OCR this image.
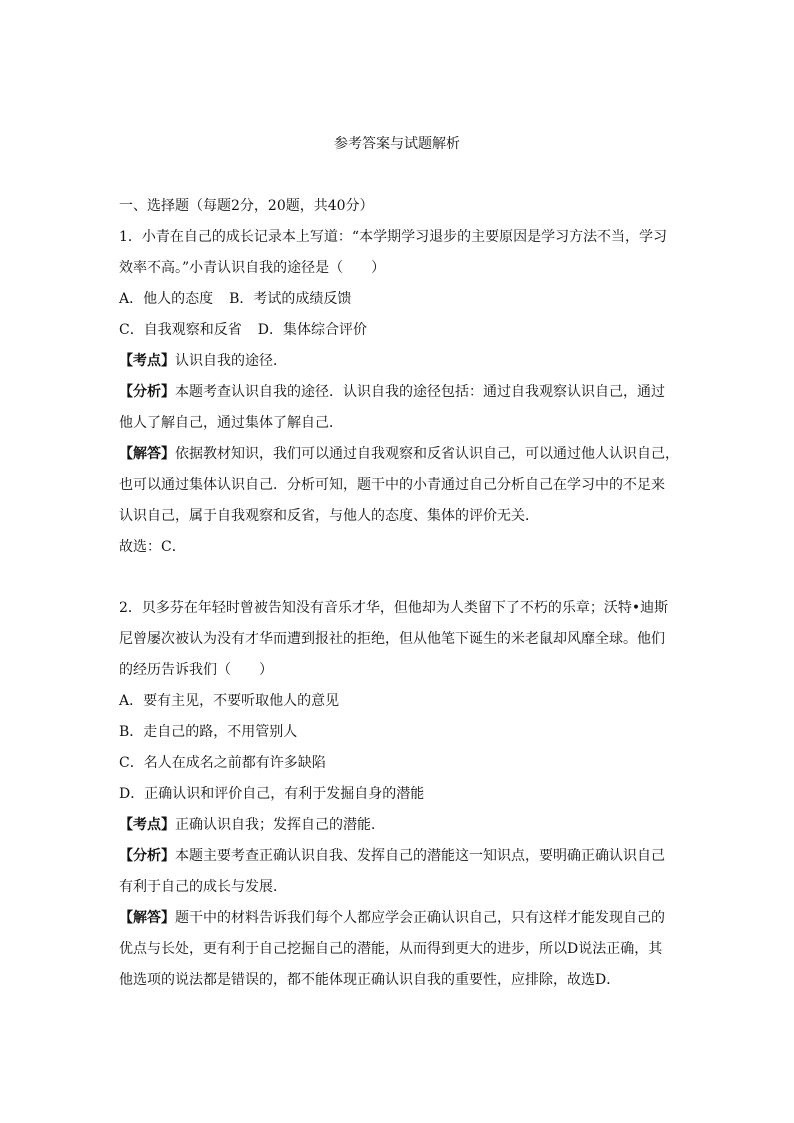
参考答案与试题解析
一、选择题（每题2分，20题，共40分）
1．小青在自己的成长记录本上写道：“本学期学习退步的主要原因是学习方法不当，学习
效率不高。”小青认识自我的途径是（　　）
A．他人的态度 B．考试的成绩反馈
C．自我观察和反省 D．集体综合评价
【考点】认识自我的途径．
【分析】本题考查认识自我的途径．认识自我的途径包括：通过自我观察认识自己，通过
他人了解自己，通过集体了解自己．
【解答】依据教材知识，我们可以通过自我观察和反省认识自己，可以通过他人认识自己，
也可以通过集体认识自己．分析可知，题干中的小青通过自己分析自己在学习中的不足来
认识自己，属于自我观察和反省，与他人的态度、集体的评价无关．
故选：C．
2．贝多芬在年轻时曾被告知没有音乐才华，但他却为人类留下了不朽的乐章；沃特•迪斯
尼曾屡次被认为没有才华而遭到报社的拒绝，但从他笔下诞生的米老鼠却风靡全球。他们
的经历告诉我们（　　）
A．要有主见，不要听取他人的意见
B．走自己的路，不用管别人
C．名人在成名之前都有许多缺陷
D．正确认识和评价自己，有利于发掘自身的潜能
【考点】正确认识自我；发挥自己的潜能．
【分析】本题主要考查正确认识自我、发挥自己的潜能这一知识点，要明确正确认识自己
有利于自己的成长与发展．
【解答】题干中的材料告诉我们每个人都应学会正确认识自己，只有这样才能发现自己的
优点与长处，更有利于自己挖掘自己的潜能，从而得到更大的进步，所以D说法正确，其
他选项的说法都是错误的，都不能体现正确认识自我的重要性，应排除，故选D．
